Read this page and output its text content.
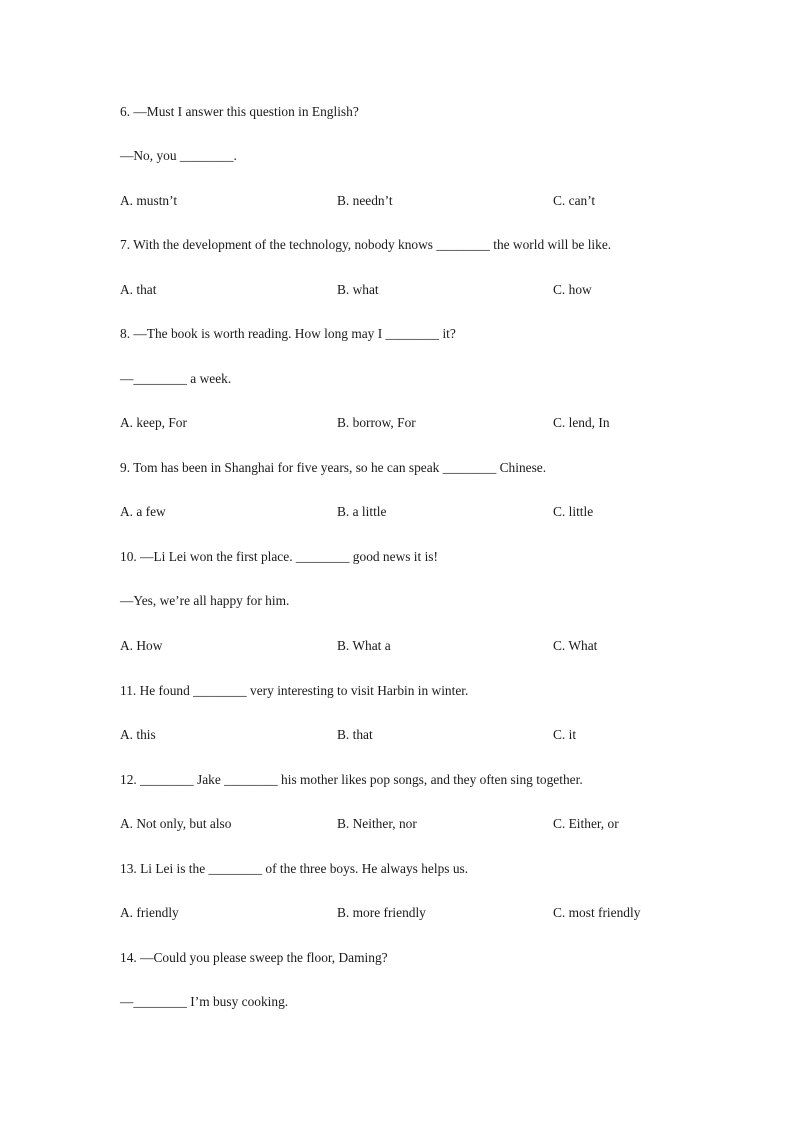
6. —Must I answer this question in English?
—No, you ________.
A. mustn’t	B. needn’t	C. can’t
7. With the development of the technology, nobody knows ________ the world will be like.
A. that	B. what	C. how
8. —The book is worth reading. How long may I ________ it?
—________ a week.
A. keep, For	B. borrow, For	C. lend, In
9. Tom has been in Shanghai for five years, so he can speak ________ Chinese.
A. a few	B. a little	C. little
10. —Li Lei won the first place. ________ good news it is!
—Yes, we’re all happy for him.
A. How	B. What a	C. What
11. He found ________ very interesting to visit Harbin in winter.
A. this	B. that	C. it
12. ________ Jake ________ his mother likes pop songs, and they often sing together.
A. Not only, but also	B. Neither, nor	C. Either, or
13. Li Lei is the ________ of the three boys. He always helps us.
A. friendly	B. more friendly	C. most friendly
14. —Could you please sweep the floor, Daming?
—________ I’m busy cooking.
